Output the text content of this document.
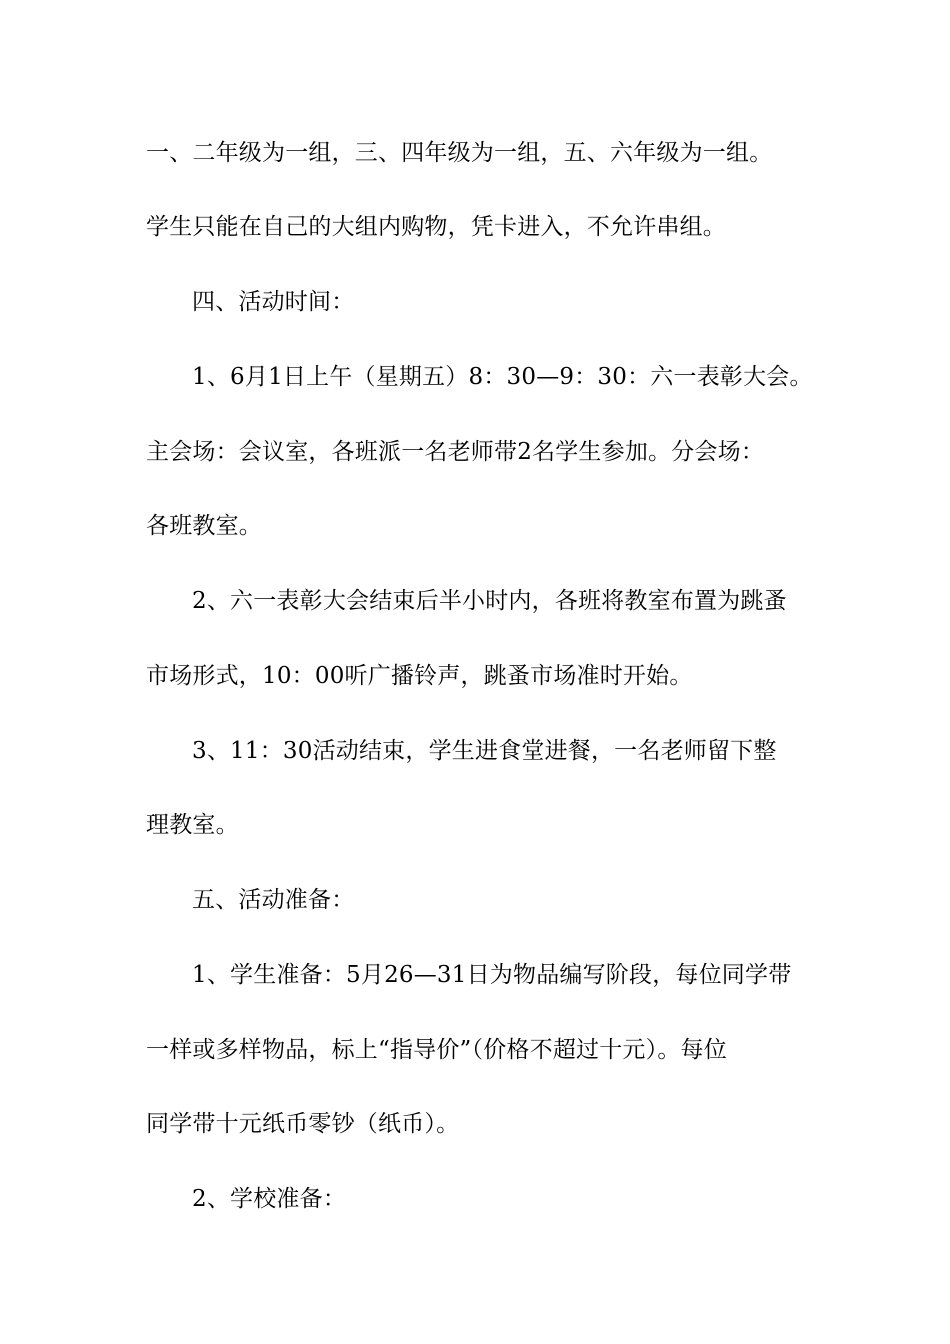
一、二年级为一组，三、四年级为一组，五、六年级为一组。

学生只能在自己的大组内购物，凭卡进入，不允许串组。

四、活动时间：

1、6月1日上午（星期五）8：30—9：30：六一表彰大会。

主会场：会议室，各班派一名老师带2名学生参加。分会场：

各班教室。

2、六一表彰大会结束后半小时内，各班将教室布置为跳蚤

市场形式，10：00听广播铃声，跳蚤市场准时开始。

3、11：30活动结束，学生进食堂进餐，一名老师留下整

理教室。

五、活动准备：

1、学生准备：5月26—31日为物品编写阶段，每位同学带

一样或多样物品，标上“指导价”（价格不超过十元）。每位

同学带十元纸币零钞（纸币）。

2、学校准备：
